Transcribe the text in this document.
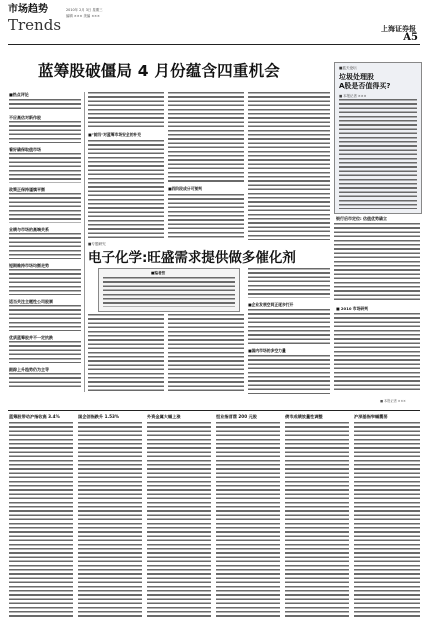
市场趋势
Trends
2010年 2月 3日 星期三
编辑 ××× 美编 ×××
上海证券报
A5
蓝筹股破僵局 4 月份蕴含四重机会
■热点评论
不应高估对新作股
看好确保取值市场
政策正保持谨慎平衡
业绩与市场的高端关系
短期维持市场均衡走势
适当关注主题性公司股票
优质蓝筹股并不一定抗跌
跟踪上升趋势仍为主导
■"前四"对蓝筹市场安全的补充
■四阶段成分可预判
■蓝天论坛
垃圾处理股
A股是否值得买?
■ 本报记者 ×××
银行后市定位: 估值优势确立
■ 2010 市场研判
■ 本报记者 ×××
■专题研究
电子化学:旺盛需求提供做多催化剂
■编者按
■企业发展空间正逐步打开
■国内市场的多空力量
蓝筹股带动沪指收高 3.4%	国企创指跌升 1.53%	外资金属大幅上涨	恒业指苜蓿 200 元股	债市成绩放量性调整	沪深基指窄幅震荡
